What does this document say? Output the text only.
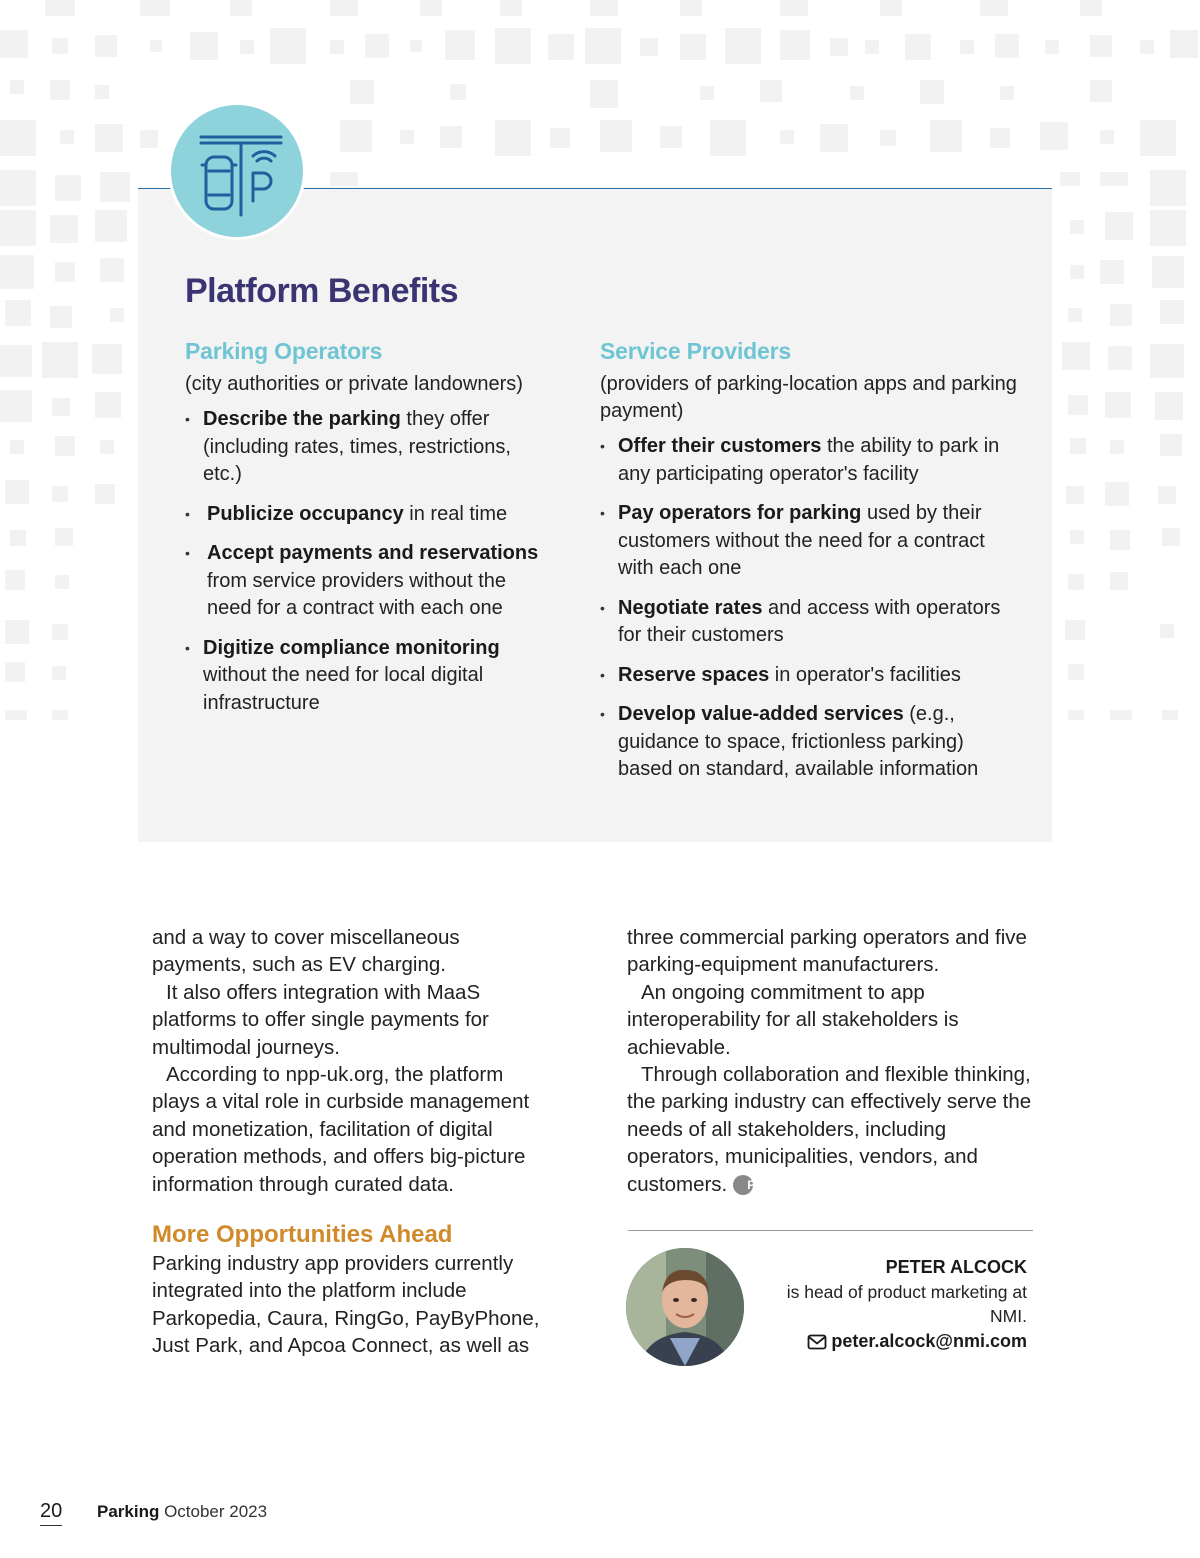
Platform Benefits
Parking Operators
(city authorities or private landowners)
• Describe the parking they offer (including rates, times, restrictions, etc.)
• Publicize occupancy in real time
• Accept payments and reservations from service providers without the need for a contract with each one
• Digitize compliance monitoring without the need for local digital infrastructure
Service Providers
(providers of parking-location apps and parking payment)
• Offer their customers the ability to park in any participating operator's facility
• Pay operators for parking used by their customers without the need for a contract with each one
• Negotiate rates and access with operators for their customers
• Reserve spaces in operator's facilities
• Develop value-added services (e.g., guidance to space, frictionless parking) based on standard, available information

and a way to cover miscellaneous payments, such as EV charging.

It also offers integration with MaaS platforms to offer single payments for multimodal journeys.

According to npp-uk.org, the platform plays a vital role in curbside management and monetization, facilitation of digital operation methods, and offers big-picture information through curated data.

More Opportunities Ahead

Parking industry app providers currently integrated into the platform include Parkopedia, Caura, RingGo, PayByPhone, Just Park, and Apcoa Connect, as well as

three commercial parking operators and five parking-equipment manufacturers.

An ongoing commitment to app interoperability for all stakeholders is achievable.

Through collaboration and flexible thinking, the parking industry can effectively serve the needs of all stakeholders, including operators, municipalities, vendors, and customers. P

PETER ALCOCK
is head of product marketing at NMI.
peter.alcock@nmi.com
20 Parking October 2023
